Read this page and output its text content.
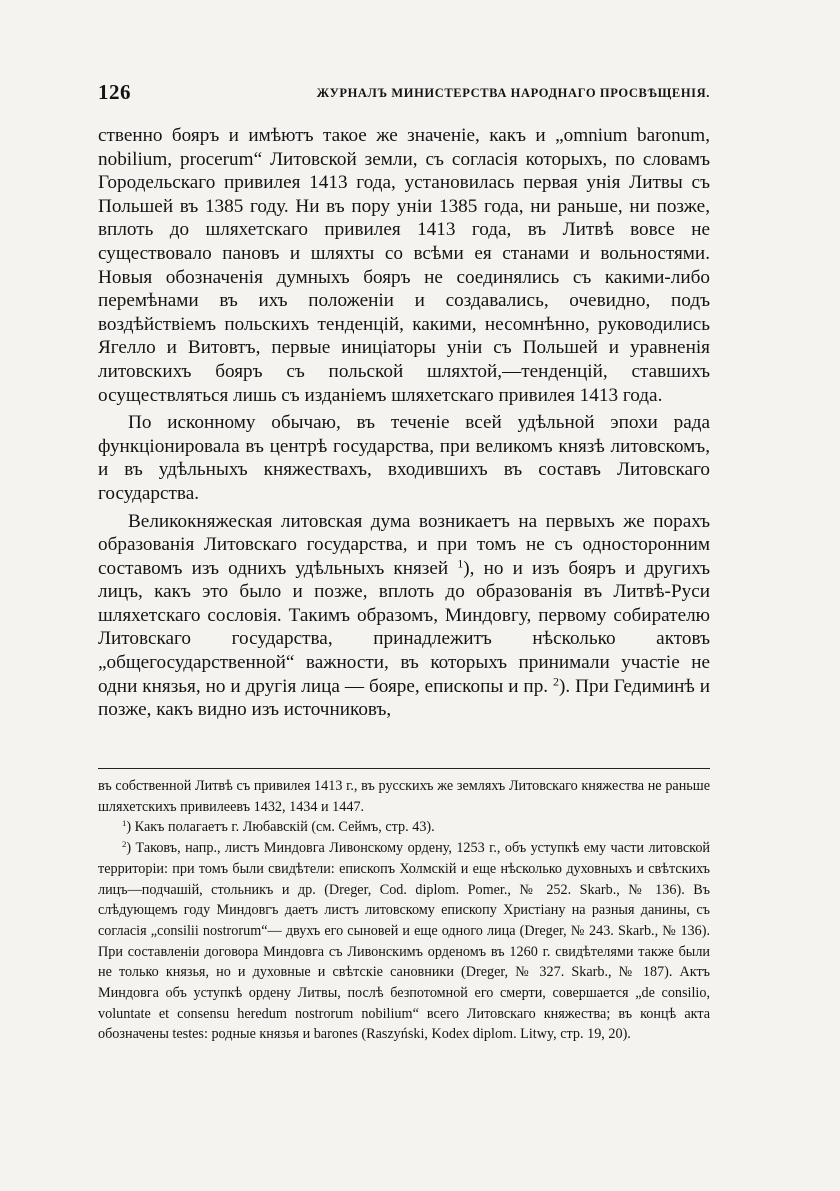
126	ЖУРНАЛЪ МИНИСТЕРСТВА НАРОДНАГО ПРОСВѢЩЕНІЯ.

ственно бояръ и имѣютъ такое же значеніе, какъ и „omnium baronum, nobilium, procerum“ Литовской земли, съ согласія которыхъ, по словамъ Городельскаго привилея 1413 года, установилась первая унія Литвы съ Польшей въ 1385 году. Ни въ пору уніи 1385 года, ни раньше, ни позже, вплоть до шляхетскаго привилея 1413 года, въ Литвѣ вовсе не существовало пановъ и шляхты со всѣми ея станами и вольностями. Новыя обозначенія думныхъ бояръ не соединялись съ какими-либо перемѣнами въ ихъ положеніи и создавались, очевидно, подъ воздѣйствіемъ польскихъ тенденцій, какими, несомнѣнно, руководились Ягелло и Витовтъ, первые иниціаторы уніи съ Польшей и уравненія литовскихъ бояръ съ польской шляхтой,—тенденцій, ставшихъ осуществляться лишь съ изданіемъ шляхетскаго привилея 1413 года.

По исконному обычаю, въ теченіе всей удѣльной эпохи рада функціонировала въ центрѣ государства, при великомъ князѣ литовскомъ, и въ удѣльныхъ княжествахъ, входившихъ въ составъ Литовскаго государства.

Великокняжеская литовская дума возникаетъ на первыхъ же порахъ образованія Литовскаго государства, и при томъ не съ односторонним составомъ изъ однихъ удѣльныхъ князей $^1$), но и изъ бояръ и другихъ лицъ, какъ это было и позже, вплоть до образованія въ Литвѣ-Руси шляхетскаго сословія. Такимъ образомъ, Миндовгу, первому собирателю Литовскаго государства, принадлежитъ нѣсколько актовъ „общегосударственной“ важности, въ которыхъ принимали участіе не одни князья, но и другія лица — бояре, епископы и пр. $^2$). При Гедиминѣ и позже, какъ видно изъ источниковъ,

въ собственной Литвѣ съ привилея 1413 г., въ русскихъ же земляхъ Литовскаго княжества не раньше шляхетскихъ привилеевъ 1432, 1434 и 1447.

$^1$) Какъ полагаетъ г. Любавскій (см. Сеймъ, стр. 43).

$^2$) Таковъ, напр., листъ Миндовга Ливонскому ордену, 1253 г., объ уступкѣ ему части литовской территоріи: при томъ были свидѣтели: епископъ Холмскій и еще нѣсколько духовныхъ и свѣтскихъ лицъ—подчашій, стольникъ и др. (Dreger, Cod. diplom. Pomer., № 252. Skarb., № 136). Въ слѣдующемъ году Миндовгъ даетъ листъ литовскому епископу Христіану на разныя данины, съ согласія „consilii nostrorum“— двухъ его сыновей и еще одного лица (Dreger, № 243. Skarb., № 136). При составленіи договора Миндовга съ Ливонскимъ орденомъ въ 1260 г. свидѣтелями также были не только князья, но и духовные и свѣтскіе сановники (Dreger, № 327. Skarb., № 187). Актъ Миндовга объ уступкѣ ордену Литвы, послѣ безпотомной его смерти, совершается „de consilio, voluntate et consensu heredum nostrorum nobilium“ всего Литовскаго княжества; въ концѣ акта обозначены testes: родные князья и barones (Raszyński, Kodex diplom. Litwy, стр. 19, 20).
